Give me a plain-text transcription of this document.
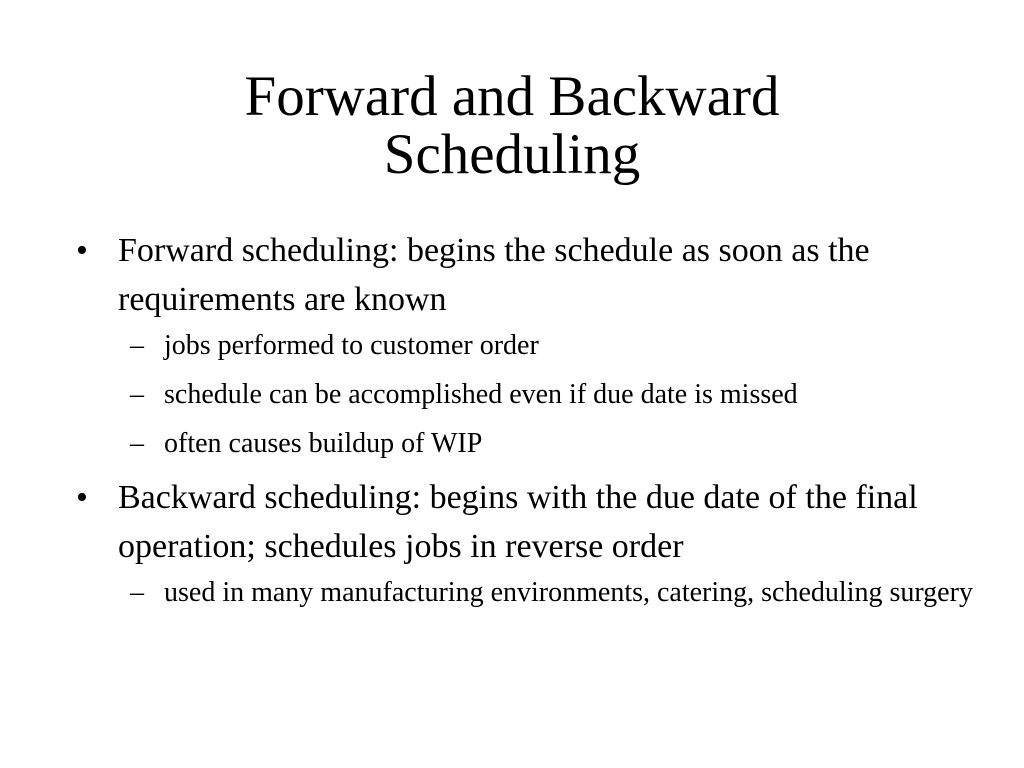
Forward and Backward
Scheduling
• Forward scheduling: begins the schedule as soon as the requirements are known
– jobs performed to customer order
– schedule can be accomplished even if due date is missed
– often causes buildup of WIP
• Backward scheduling: begins with the due date of the final operation; schedules jobs in reverse order
– used in many manufacturing environments, catering, scheduling surgery
